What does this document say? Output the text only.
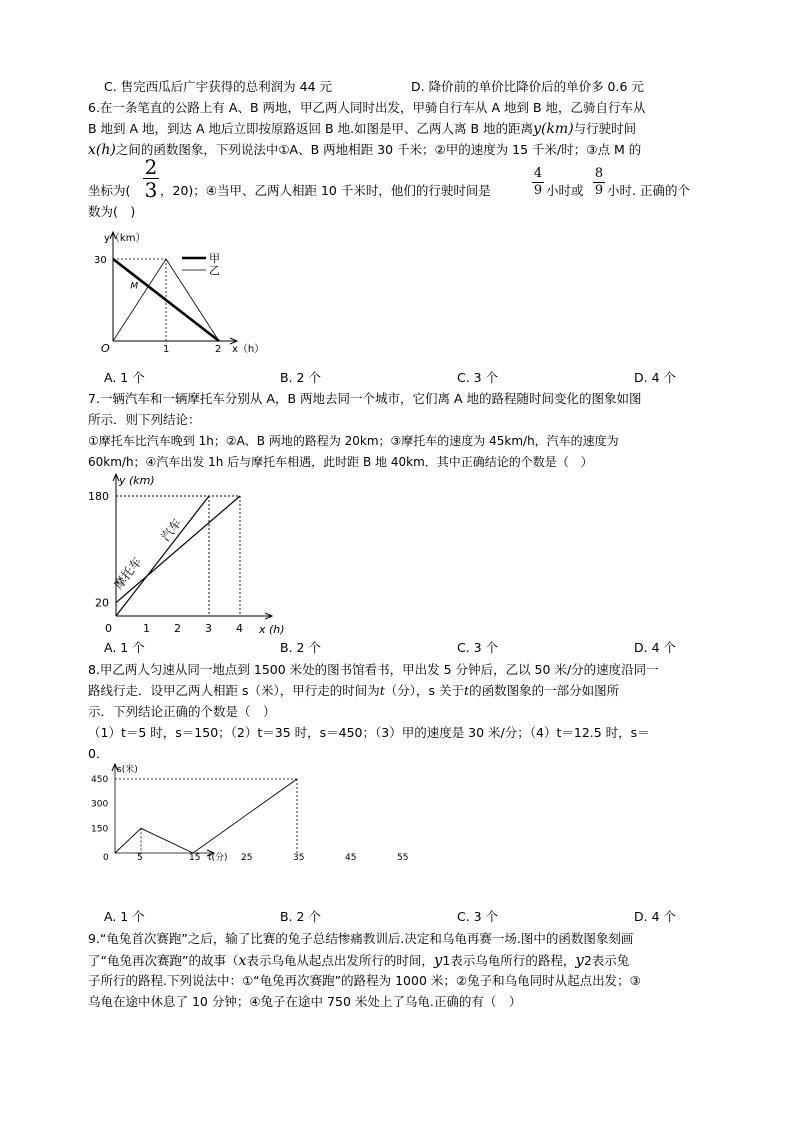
C. 售完西瓜后广宇获得的总利润为 44 元	D. 降价前的单价比降价后的单价多 0.6 元
6.在一条笔直的公路上有 A、B 两地，甲乙两人同时出发，甲骑自行车从 A 地到 B 地，乙骑自行车从
B 地到 A 地，到达 A 地后立即按原路返回 B 地.如图是甲、乙两人离 B 地的距离y(km)与行驶时间
x(h)之间的函数图象，下列说法中①A、B 两地相距 30 千米；②甲的速度为 15 千米/时；③点 M 的
坐标为( $\frac{2}{3}$ ，20)；④当甲、乙两人相距 10 千米时，他们的行驶时间是	$\frac{4}{9}$ 小时或 $\frac{8}{9}$ 小时. 正确的个
数为(　)
y（km）
x（h）
O
30
1	2
M
甲
乙
A. 1 个	B. 2 个	C. 3 个	D. 4 个
7.一辆汽车和一辆摩托车分别从 A，B 两地去同一个城市，它们离 A 地的路程随时间变化的图象如图
所示．则下列结论：
①摩托车比汽车晚到 1h；②A、B 两地的路程为 20km；③摩托车的速度为 45km/h，汽车的速度为
60km/h；④汽车出发 1h 后与摩托车相遇，此时距 B 地 40km．其中正确结论的个数是（　）
y (km)
x (h)
0	1 2 3 4
20
180
汽车
摩托车
A. 1 个	B. 2 个	C. 3 个	D. 4 个
8.甲乙两人匀速从同一地点到 1500 米处的图书馆看书，甲出发 5 分钟后，乙以 50 米/分的速度沿同一
路线行走．设甲乙两人相距 s（米），甲行走的时间为t（分），s 关于t的函数图象的一部分如图所
示．下列结论正确的个数是（　）
（1）t＝5 时，s＝150；（2）t＝35 时，s＝450；（3）甲的速度是 30 米/分；（4）t＝12.5 时，s＝
0．
s(米)
t(分)
0	5	15	25	35	45	55
150
300
450
A. 1 个	B. 2 个	C. 3 个	D. 4 个
9.“龟兔首次赛跑”之后，输了比赛的兔子总结惨痛教训后.决定和乌龟再赛一场.图中的函数图象刻画
了“龟兔再次赛跑”的故事（x表示乌龟从起点出发所行的时间，y1表示乌龟所行的路程，y2表示兔
子所行的路程.下列说法中：①“龟兔再次赛跑”的路程为 1000 米；②兔子和乌龟同时从起点出发；③
乌龟在途中休息了 10 分钟；④兔子在途中 750 米处上了乌龟.正确的有（　）
